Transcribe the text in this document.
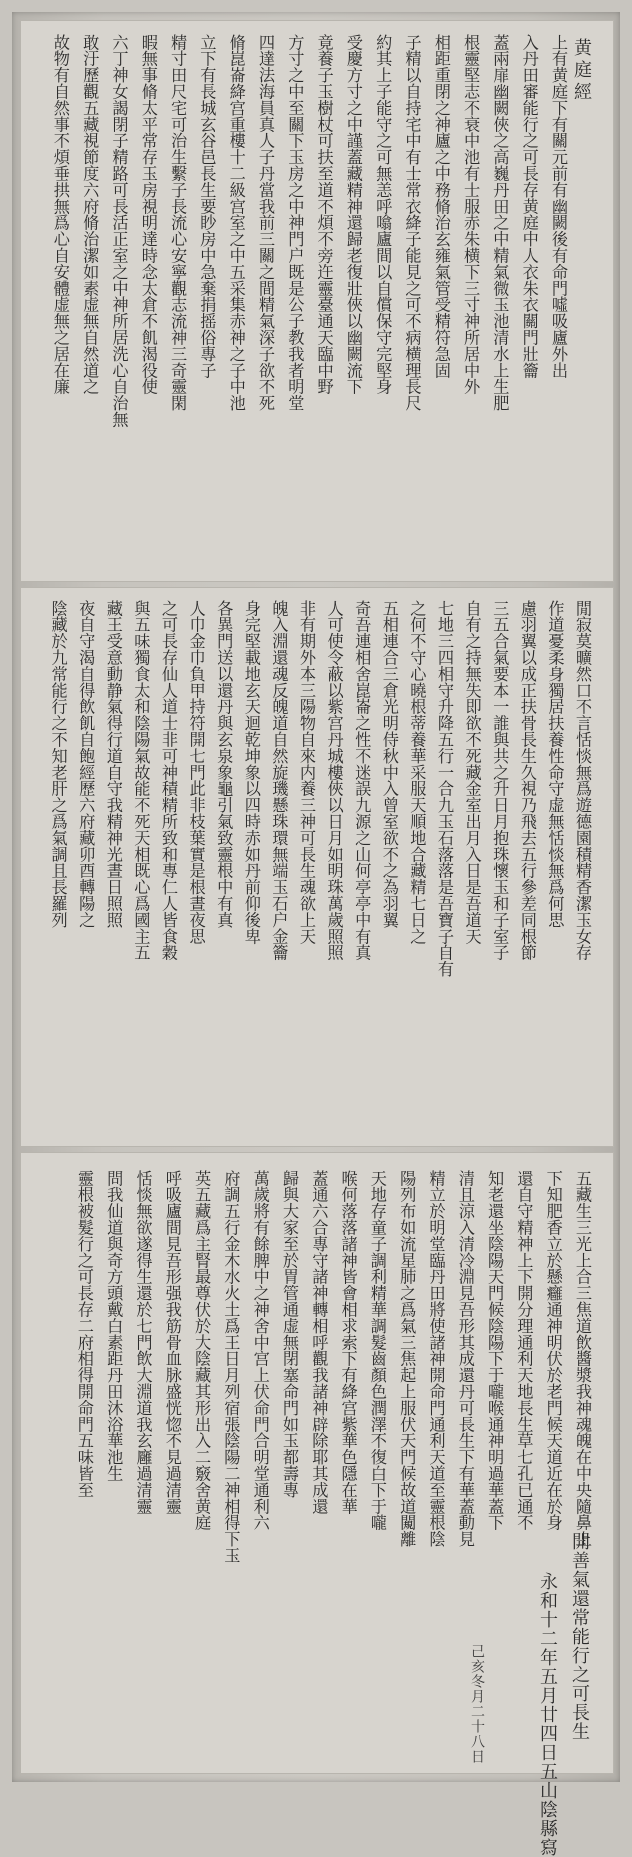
黄庭經
上有黄庭下有關元前有幽闕後有命門噓吸廬外出
入丹田審能行之可長存黄庭中人衣朱衣關門壯籥
蓋兩扉幽闕俠之高巍丹田之中精氣微玉池清水上生肥
根靈堅志不衰中池有士服赤朱横下三寸神所居中外
相距重閉之神廬之中務脩治玄雍氣管受精符急固
子精以自持宅中有士常衣絳子能見之可不病横理長尺
約其上子能守之可無恙呼噏廬間以自償保守完堅身
受慶方寸之中謹蓋藏精神還歸老復壯俠以幽闕流下
竟養子玉樹杖可扶至道不煩不旁迕靈臺通天臨中野
方寸之中至關下玉房之中神門户既是公子教我者明堂
四達法海員真人子丹當我前三關之間精氣深子欲不死
脩崑崙絳宫重樓十二級宫室之中五采集赤神之子中池
立下有長城玄谷邑長生要眇房中急棄捐摇俗專子
精寸田尺宅可治生繫子長流心安寧觀志流神三奇靈閑
暇無事脩太平常存玉房視明達時念太倉不飢渴役使
六丁神女謁閉子精路可長活正室之中神所居洗心自治無
敢汙歷觀五藏視節度六府脩治潔如素虚無自然道之
故物有自然事不煩垂拱無爲心自安體虚無之居在廉
閒寂莫曠然口不言恬惔無爲遊德園積精香潔玉女存
作道憂柔身獨居扶養性命守虚無恬惔無爲何思
慮羽翼以成正扶骨長生久視乃飛去五行參差同根節
三五合氣要本一誰與共之升日月抱珠懷玉和子室子
自有之持無失即欲不死藏金室出月入日是吾道天
七地三四相守升降五行一合九玉石落落是吾寶子自有
之何不守心曉根蒂養華采服天順地合藏精七日之
五相連合三倉光明侍秋中入曾室欲不之為羽翼
奇吾連相舍崑崙之性不迷誤九源之山何亭亭中有真
人可使令蔽以紫宫丹城樓俠以日月如明珠萬歲照照
非有期外本三陽物自來内養三神可長生魂欲上天
魄入淵還魂反魄道自然旋璣懸珠環無端玉石户金籥
身完堅載地玄天迴乾坤象以四時赤如丹前仰後卑
各異門送以還丹與玄泉象龜引氣致靈根中有真
人巾金巾負甲持符開七門此非枝葉實是根晝夜思
之可長存仙人道士非可神積精所致和專仁人皆食穀
與五味獨食太和陰陽氣故能不死天相既心爲國主五
藏王受意動静氣得行道自守我精神光晝日照照
夜自守渴自得飲飢自飽經歷六府藏卯酉轉陽之
陰藏於九常能行之不知老肝之爲氣調且長羅列
五藏生三光上合三焦道飲醬漿我神魂魄在中央隨鼻上
下知肥香立於懸癰通神明伏於老門候天道近在於身
還自守精神上下開分理通利天地長生草七孔已通不
知老還坐陰陽天門候陰陽下于嚨喉通神明過華蓋下
清且涼入清冷淵見吾形其成還丹可長生下有華蓋動見
精立於明堂臨丹田將使諸神開命門通利天道至靈根陰
陽列布如流星肺之爲氣三焦起上服伏天門候故道闚離
天地存童子調利精華調髮齒顏色潤澤不復白下于嚨
喉何落落諸神皆會相求索下有絳宫紫華色隱在華
蓋通六合專守諸神轉相呼觀我諸神辟除耶其成還
歸與大家至於胃管通虚無閉塞命門如玉都壽專
萬歲將有餘脾中之神舍中宫上伏命門合明堂通利六
府調五行金木水火土爲王日月列宿張陰陽二神相得下玉
英五藏爲主腎最尊伏於大陰藏其形出入二竅舍黄庭
呼吸廬間見吾形强我筋骨血脉盛恍惚不見過清靈
恬惔無欲遂得生還於七門飲大淵道我玄廱過清靈
問我仙道與奇方頭戴白素距丹田沐浴華池生
靈根被髮行之可長存二府相得開命門五味皆至
開善氣還常能行之可長生
永和十二年五月廿四日五山陰縣寫
己亥冬月二十八日
